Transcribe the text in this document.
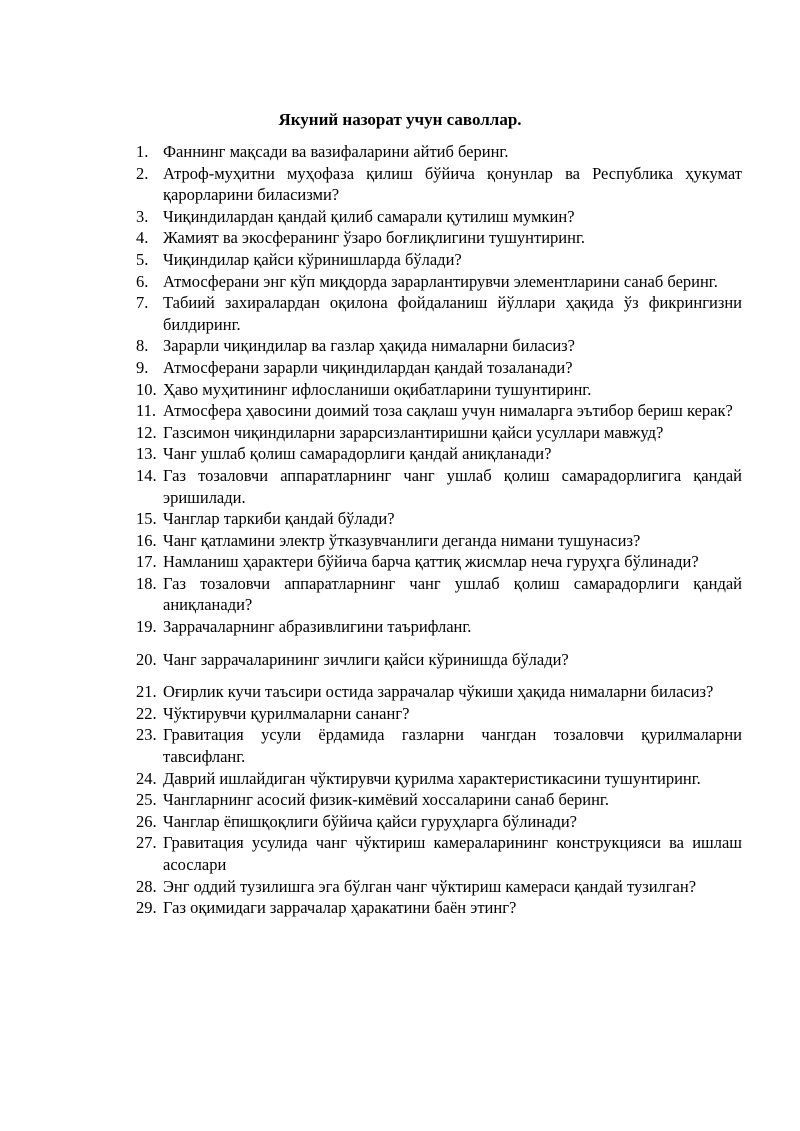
Якуний назорат учун саволлар.
1. Фаннинг мақсади ва вазифаларини айтиб беринг.
2. Атроф-муҳитни муҳофаза қилиш бўйича қонунлар ва Республика ҳукумат қарорларини биласизми?
3. Чиқиндилардан қандай қилиб самарали қутилиш мумкин?
4. Жамият ва экосферанинг ўзаро боғлиқлигини тушунтиринг.
5. Чиқиндилар қайси кўринишларда бўлади?
6. Атмосферани энг кўп миқдорда зарарлантирувчи элементларини санаб беринг.
7. Табиий захиралардан оқилона фойдаланиш йўллари ҳақида ўз фикрингизни билдиринг.
8. Зарарли чиқиндилар ва газлар ҳақида нималарни биласиз?
9. Атмосферани зарарли чиқиндилардан қандай тозаланади?
10. Ҳаво муҳитининг ифлосланиши оқибатларини тушунтиринг.
11. Атмосфера ҳавосини доимий тоза сақлаш учун нималарга эътибор бериш керак?
12. Газсимон чиқиндиларни зарарсизлантиришни қайси усуллари мавжуд?
13. Чанг ушлаб қолиш самарадорлиги қандай аниқланади?
14. Газ тозаловчи аппаратларнинг чанг ушлаб қолиш самарадорлигига қандай эришилади.
15. Чанглар таркиби қандай бўлади?
16. Чанг қатламини электр ўтказувчанлиги деганда нимани тушунасиз?
17. Намланиш ҳарактери бўйича барча қаттиқ жисмлар неча гуруҳга бўлинади?
18. Газ тозаловчи аппаратларнинг чанг ушлаб қолиш самарадорлиги қандай аниқланади?
19. Заррачаларнинг абразивлигини таърифланг.
20. Чанг заррачаларининг зичлиги қайси кўринишда бўлади?
21. Оғирлик кучи таъсири остида заррачалар чўкиши ҳақида нималарни биласиз?
22. Чўктирувчи қурилмаларни сананг?
23. Гравитация усули ёрдамида газларни чангдан тозаловчи қурилмаларни тавсифланг.
24. Даврий ишлайдиган чўктирувчи қурилма характеристикасини тушунтиринг.
25. Чангларнинг асосий физик-кимёвий хоссаларини санаб беринг.
26. Чанглар ёпишқоқлиги бўйича қайси гуруҳларга бўлинади?
27. Гравитация усулида чанг чўктириш камераларининг конструкцияси ва ишлаш асослари
28. Энг оддий тузилишга эга бўлган чанг чўктириш камераси қандай тузилган?
29. Газ оқимидаги заррачалар ҳаракатини баён этинг?
